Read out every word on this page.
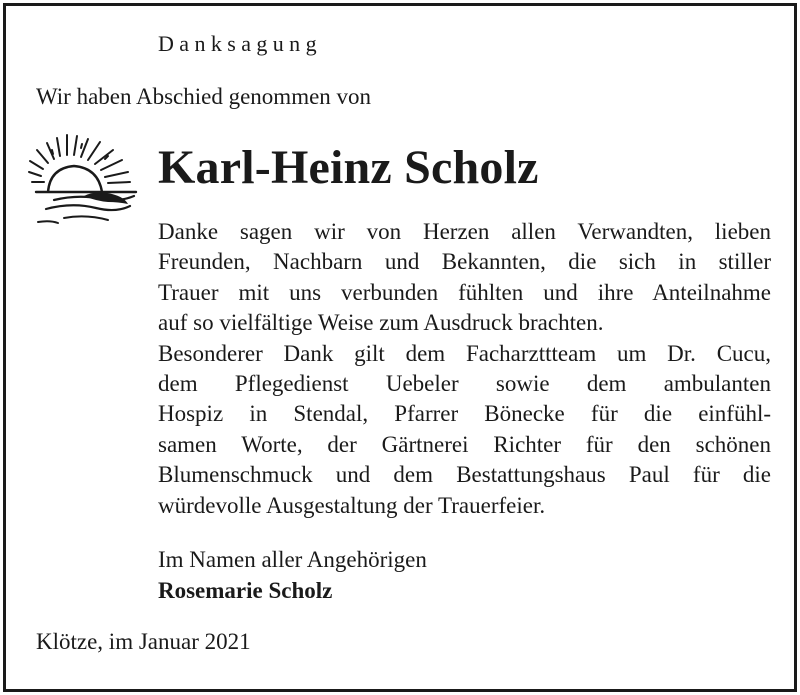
Danksagung
Wir haben Abschied genommen von
Karl-Heinz Scholz
Danke sagen wir von Herzen allen Verwandten, lieben
Freunden, Nachbarn und Bekannten, die sich in stiller
Trauer mit uns verbunden fühlten und ihre Anteilnahme
auf so vielfältige Weise zum Ausdruck brachten.
Besonderer Dank gilt dem Facharzttteam um Dr. Cucu,
dem Pflegedienst Uebeler sowie dem ambulanten
Hospiz in Stendal, Pfarrer Bönecke für die einfühl-
samen Worte, der Gärtnerei Richter für den schönen
Blumenschmuck und dem Bestattungshaus Paul für die
würdevolle Ausgestaltung der Trauerfeier.
Im Namen aller Angehörigen
Rosemarie Scholz
Klötze, im Januar 2021
